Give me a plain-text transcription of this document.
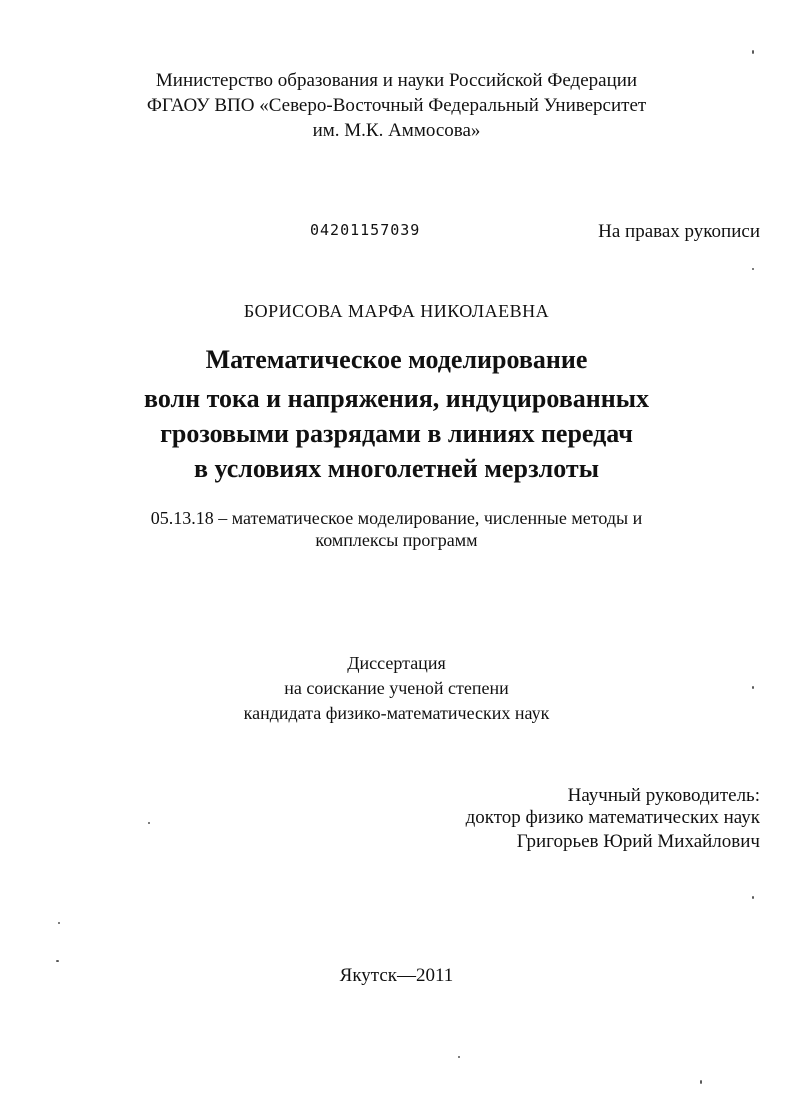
Министерство образования и науки Российской Федерации
ФГАОУ ВПО «Северо-Восточный Федеральный Университет
им. М.К. Аммосова»
04201157039	На правах рукописи
БОРИСОВА МАРФА НИКОЛАЕВНА
Математическое моделирование
волн тока и напряжения, индуцированных
грозовыми разрядами в линиях передач
в условиях многолетней мерзлоты
05.13.18 – математическое моделирование, численные методы и
комплексы программ
Диссертация
на соискание ученой степени
кандидата физико-математических наук
Научный руководитель:
доктор физико математических наук
Григорьев Юрий Михайлович
Якутск—2011
